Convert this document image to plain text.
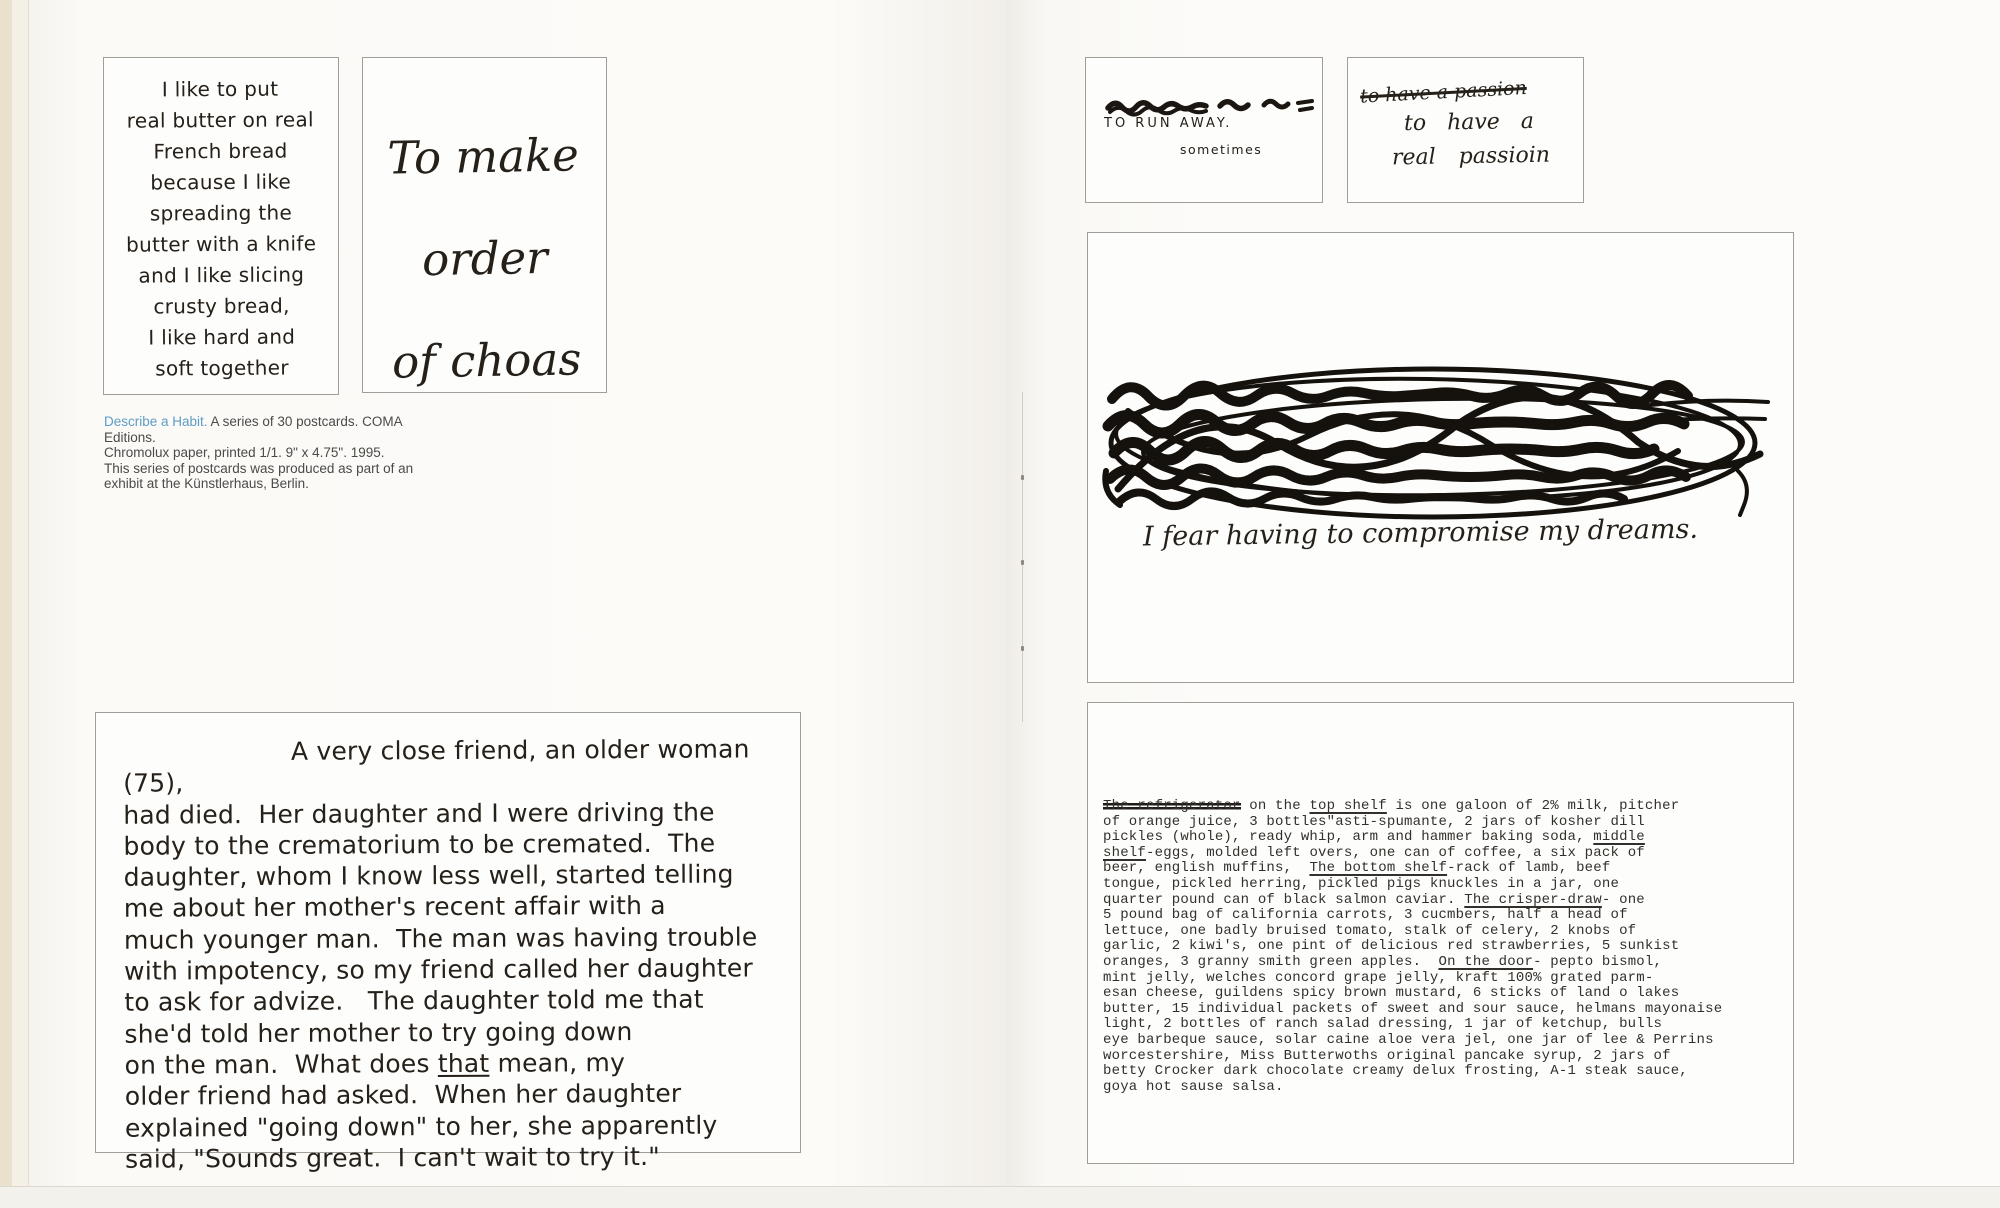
I like to put
real butter on real
French bread
because I like
spreading the
butter with a knife
and I like slicing
crusty bread,
I like hard and
soft together
To make
order
of choas
Describe a Habit. A series of 30 postcards. COMA Editions.
Chromolux paper, printed 1/1. 9" x 4.75". 1995.
This series of postcards was produced as part of an
exhibit at the Künstlerhaus, Berlin.
A very close friend, an older woman (75),
had died.  Her daughter and I were driving the
body to the crematorium to be cremated.  The
daughter, whom I know less well, started telling
me about her mother's recent affair with a
much younger man.  The man was having trouble
with impotency, so my friend called her daughter
to ask for advize.   The daughter told me that
she'd told her mother to try going down
on the man.  What does that mean, my
older friend had asked.  When her daughter
explained "going down" to her, she apparently
said, "Sounds great.  I can't wait to try it."
TO RUN AWAY.
sometimes
to have a passion
to have a
real passioin
I fear having to compromise my dreams.
The refrigerator on the top shelf is one galoon of 2% milk, pitcher
of orange juice, 3 bottles"asti-spumante, 2 jars of kosher dill
pickles (whole), ready whip, arm and hammer baking soda, middle
shelf-eggs, molded left overs, one can of coffee, a six pack of
beer, english muffins,  The bottom shelf-rack of lamb, beef
tongue, pickled herring, pickled pigs knuckles in a jar, one
quarter pound can of black salmon caviar. The crisper-draw- one
5 pound bag of california carrots, 3 cucmbers, half a head of
lettuce, one badly bruised tomato, stalk of celery, 2 knobs of
garlic, 2 kiwi's, one pint of delicious red strawberries, 5 sunkist
oranges, 3 granny smith green apples.  On the door- pepto bismol,
mint jelly, welches concord grape jelly, kraft 100% grated parm-
esan cheese, guildens spicy brown mustard, 6 sticks of land o lakes
butter, 15 individual packets of sweet and sour sauce, helmans mayonaise
light, 2 bottles of ranch salad dressing, 1 jar of ketchup, bulls
eye barbeque sauce, solar caine aloe vera jel, one jar of lee & Perrins
worcestershire, Miss Butterwoths original pancake syrup, 2 jars of
betty Crocker dark chocolate creamy delux frosting, A-1 steak sauce,
goya hot sause salsa.
